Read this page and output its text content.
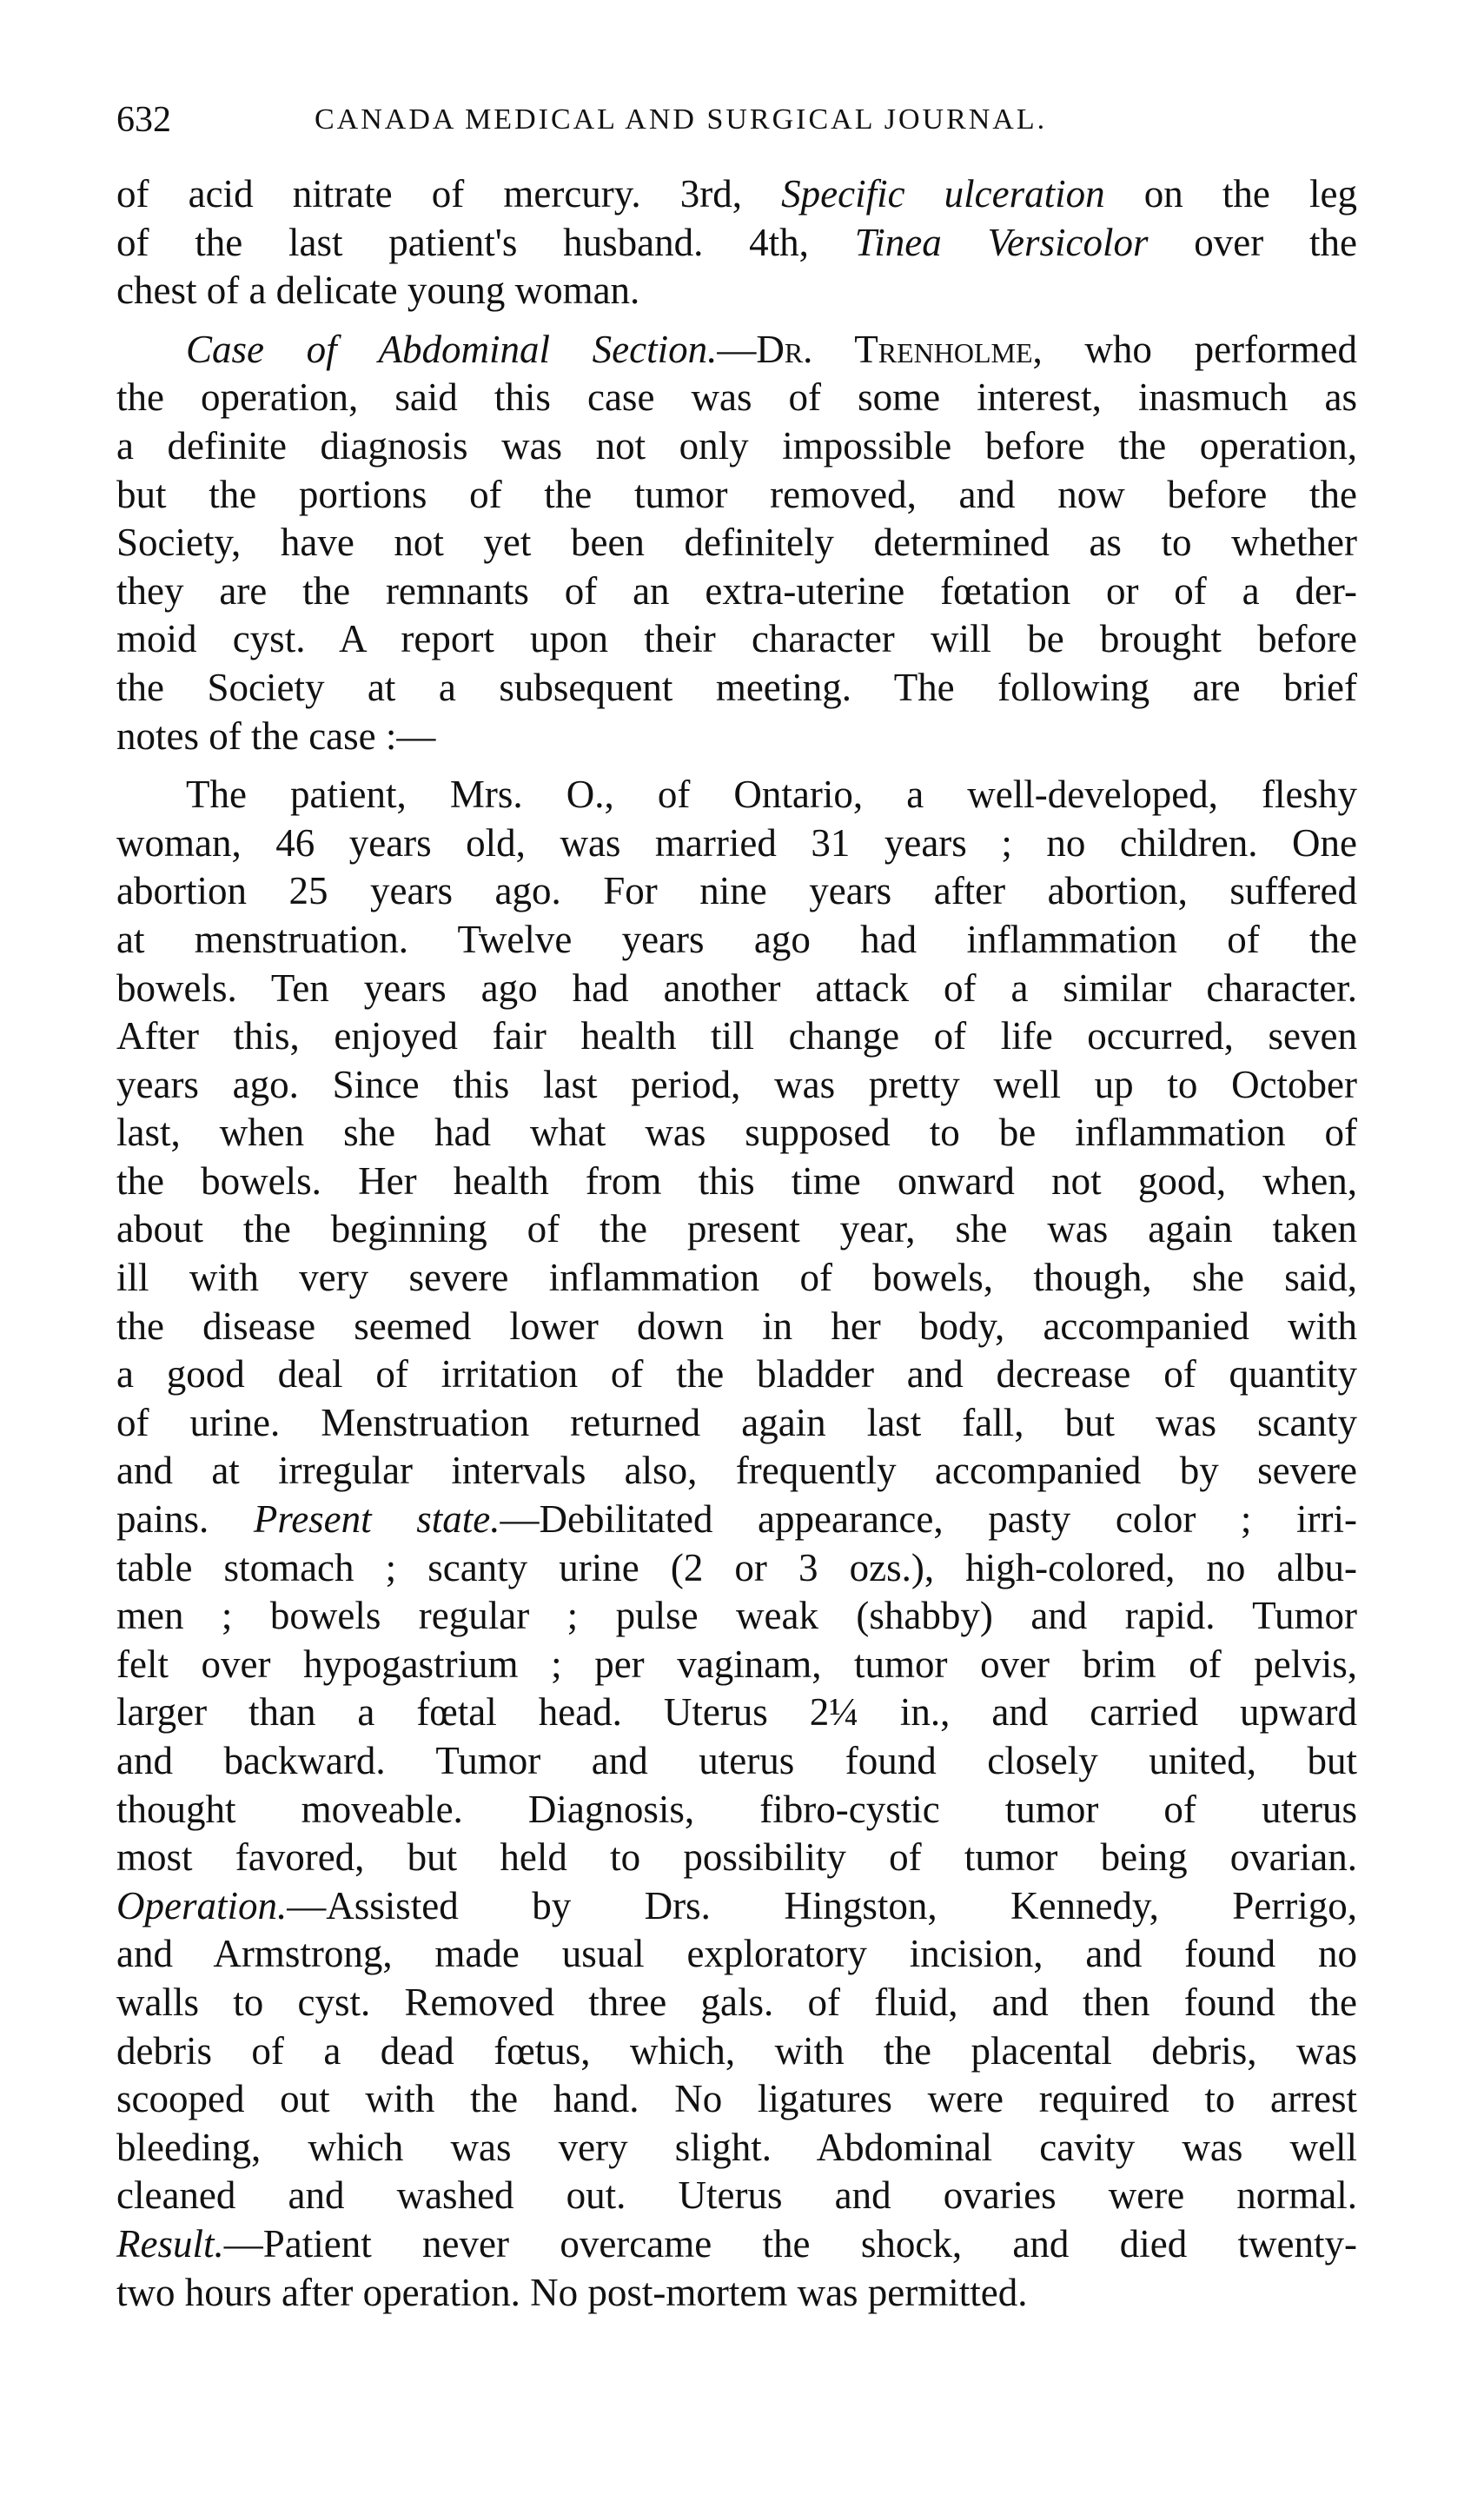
632	CANADA MEDICAL AND SURGICAL JOURNAL.
of acid nitrate of mercury. 3rd, Specific ulceration on the leg
of the last patient's husband. 4th, Tinea Versicolor over the
chest of a delicate young woman.
Case of Abdominal Section.—Dr. Trenholme, who performed
the operation, said this case was of some interest, inasmuch as
a definite diagnosis was not only impossible before the operation,
but the portions of the tumor removed, and now before the
Society, have not yet been definitely determined as to whether
they are the remnants of an extra-uterine fœtation or of a der-
moid cyst. A report upon their character will be brought before
the Society at a subsequent meeting. The following are brief
notes of the case :—
The patient, Mrs. O., of Ontario, a well-developed, fleshy
woman, 46 years old, was married 31 years ; no children. One
abortion 25 years ago. For nine years after abortion, suffered
at menstruation. Twelve years ago had inflammation of the
bowels. Ten years ago had another attack of a similar character.
After this, enjoyed fair health till change of life occurred, seven
years ago. Since this last period, was pretty well up to October
last, when she had what was supposed to be inflammation of
the bowels. Her health from this time onward not good, when,
about the beginning of the present year, she was again taken
ill with very severe inflammation of bowels, though, she said,
the disease seemed lower down in her body, accompanied with
a good deal of irritation of the bladder and decrease of quantity
of urine. Menstruation returned again last fall, but was scanty
and at irregular intervals also, frequently accompanied by severe
pains. Present state.—Debilitated appearance, pasty color ; irri-
table stomach ; scanty urine (2 or 3 ozs.), high-colored, no albu-
men ; bowels regular ; pulse weak (shabby) and rapid. Tumor
felt over hypogastrium ; per vaginam, tumor over brim of pelvis,
larger than a fœtal head. Uterus 2¼ in., and carried upward
and backward. Tumor and uterus found closely united, but
thought moveable. Diagnosis, fibro-cystic tumor of uterus
most favored, but held to possibility of tumor being ovarian.
Operation.—Assisted by Drs. Hingston, Kennedy, Perrigo,
and Armstrong, made usual exploratory incision, and found no
walls to cyst. Removed three gals. of fluid, and then found the
debris of a dead fœtus, which, with the placental debris, was
scooped out with the hand. No ligatures were required to arrest
bleeding, which was very slight. Abdominal cavity was well
cleaned and washed out. Uterus and ovaries were normal.
Result.—Patient never overcame the shock, and died twenty-
two hours after operation. No post-mortem was permitted.
